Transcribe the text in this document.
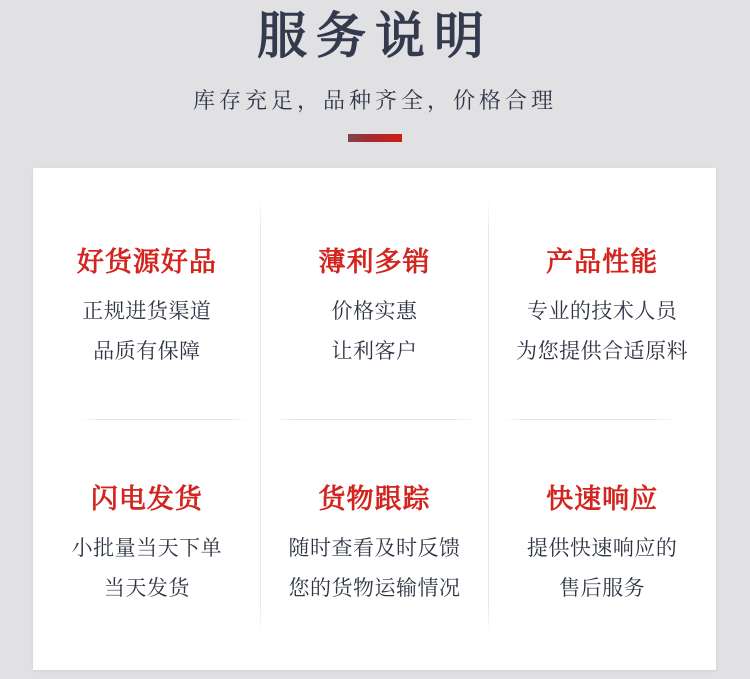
服务说明
库存充足，品种齐全，价格合理
好货源好品
正规进货渠道
品质有保障
薄利多销
价格实惠
让利客户
产品性能
专业的技术人员
为您提供合适原料
闪电发货
小批量当天下单
当天发货
货物跟踪
随时查看及时反馈
您的货物运输情况
快速响应
提供快速响应的
售后服务
